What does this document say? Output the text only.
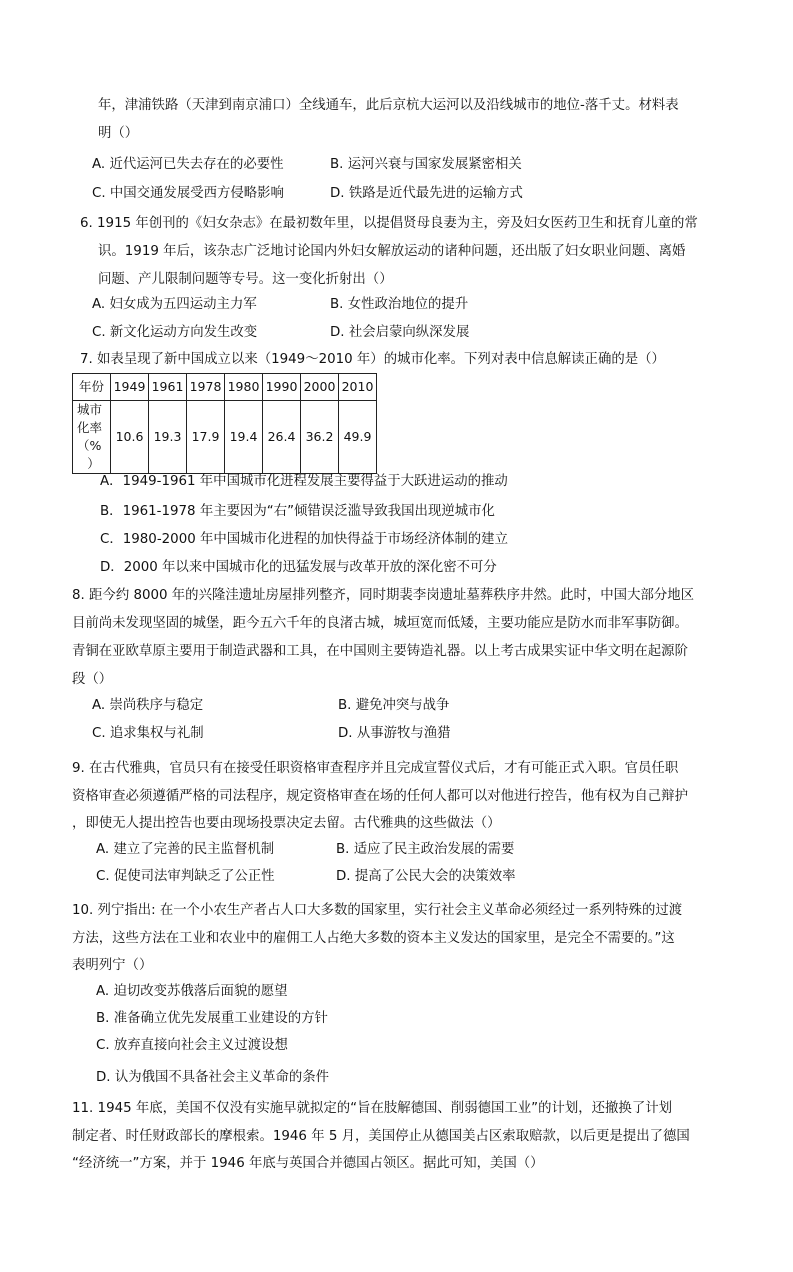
年，津浦铁路（天津到南京浦口）全线通车，此后京杭大运河以及沿线城市的地位-落千丈。材料表
明（）
A. 近代运河已失去存在的必要性	B. 运河兴衰与国家发展紧密相关
C. 中国交通发展受西方侵略影响	D. 铁路是近代最先进的运输方式
6. 1915 年创刊的《妇女杂志》在最初数年里，以提倡贤母良妻为主，旁及妇女医药卫生和抚育儿童的常
识。1919 年后，该杂志广泛地讨论国内外妇女解放运动的诸种问题，还出版了妇女职业问题、离婚
问题、产儿限制问题等专号。这一变化折射出（）
A. 妇女成为五四运动主力军	B. 女性政治地位的提升
C. 新文化运动方向发生改变	D. 社会启蒙向纵深发展
7. 如表呈现了新中国成立以来（1949～2010 年）的城市化率。下列对表中信息解读正确的是（）
年份	1949	1961	1978	1980	1990	2000	2010

城市化率（%
）	10.6	19.3	17.9	19.4	26.4	36.2	49.9
A．1949-1961 年中国城市化进程发展主要得益于大跃进运动的推动
B．1961-1978 年主要因为“右”倾错误泛滥导致我国出现逆城市化
C．1980-2000 年中国城市化进程的加快得益于市场经济体制的建立
D．2000 年以来中国城市化的迅猛发展与改革开放的深化密不可分
8. 距今约 8000 年的兴隆洼遗址房屋排列整齐，同时期裴李岗遗址墓葬秩序井然。此时，中国大部分地区
目前尚未发现坚固的城堡，距今五六千年的良渚古城，城垣宽而低矮，主要功能应是防水而非军事防御。
青铜在亚欧草原主要用于制造武器和工具，在中国则主要铸造礼器。以上考古成果实证中华文明在起源阶
段（）
A. 崇尚秩序与稳定	B. 避免冲突与战争
C. 追求集权与礼制	D. 从事游牧与渔猎
9. 在古代雅典，官员只有在接受任职资格审查程序并且完成宣誓仪式后，才有可能正式入职。官员任职
资格审查必须遵循严格的司法程序，规定资格审查在场的任何人都可以对他进行控告，他有权为自己辩护
，即使无人提出控告也要由现场投票决定去留。古代雅典的这些做法（）
A. 建立了完善的民主监督机制	B. 适应了民主政治发展的需要
C. 促使司法审判缺乏了公正性	D. 提高了公民大会的决策效率
10. 列宁指出: 在一个小农生产者占人口大多数的国家里，实行社会主义革命必须经过一系列特殊的过渡
方法，这些方法在工业和农业中的雇佣工人占绝大多数的资本主义发达的国家里，是完全不需要的。”这
表明列宁（）
A. 迫切改变苏俄落后面貌的愿望
B. 准备确立优先发展重工业建设的方针
C. 放弃直接向社会主义过渡设想
D. 认为俄国不具备社会主义革命的条件
11. 1945 年底，美国不仅没有实施早就拟定的“旨在肢解德国、削弱德国工业”的计划，还撤换了计划
制定者、时任财政部长的摩根索。1946 年 5 月，美国停止从德国美占区索取赔款，以后更是提出了德国
“经济统一”方案，并于 1946 年底与英国合并德国占领区。据此可知，美国（）
